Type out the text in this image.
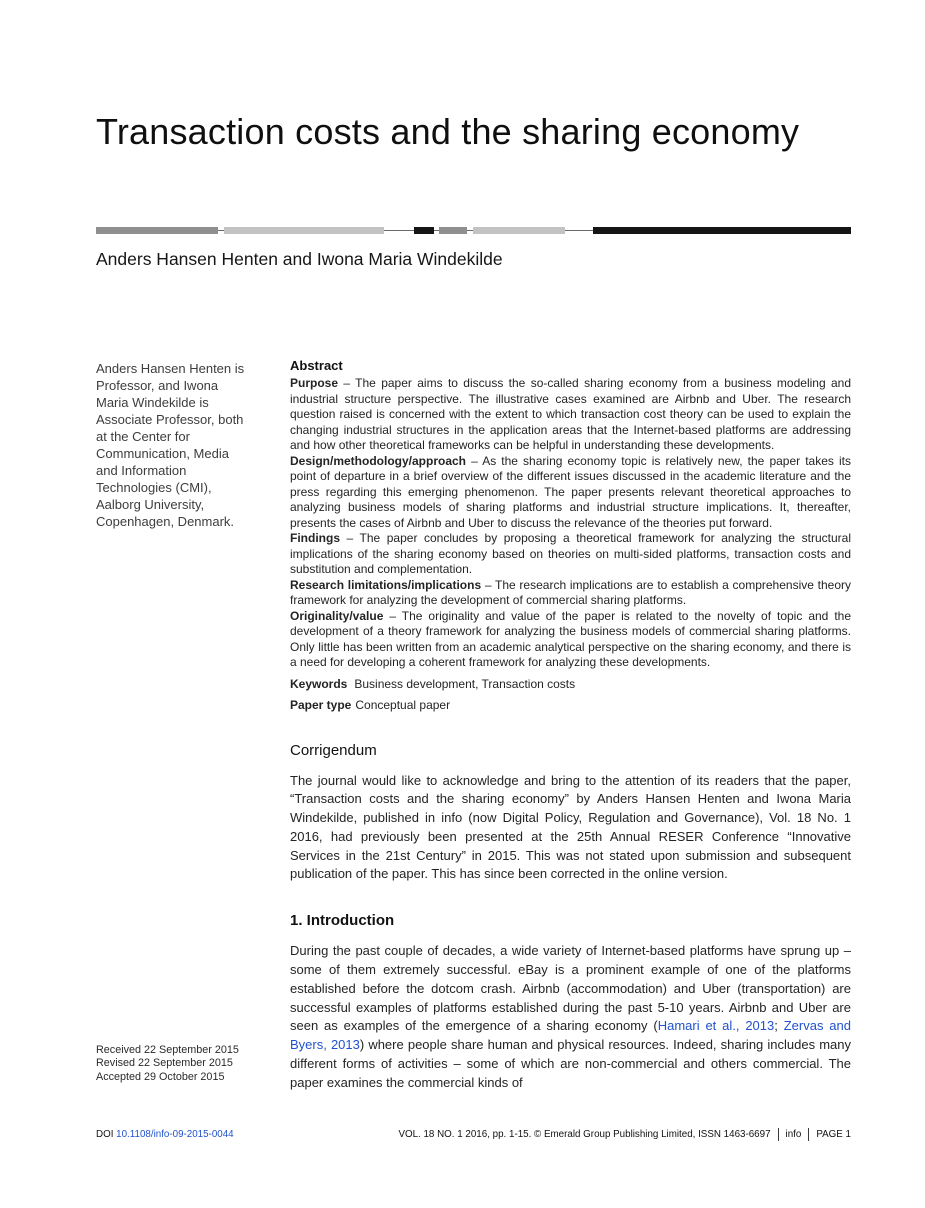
Transaction costs and the sharing economy
Anders Hansen Henten and Iwona Maria Windekilde

Anders Hansen Henten is Professor, and Iwona Maria Windekilde is Associate Professor, both at the Center for Communication, Media and Information Technologies (CMI), Aalborg University, Copenhagen, Denmark.

Abstract

Purpose – The paper aims to discuss the so-called sharing economy from a business modeling and industrial structure perspective. The illustrative cases examined are Airbnb and Uber. The research question raised is concerned with the extent to which transaction cost theory can be used to explain the changing industrial structures in the application areas that the Internet-based platforms are addressing and how other theoretical frameworks can be helpful in understanding these developments.

Design/methodology/approach – As the sharing economy topic is relatively new, the paper takes its point of departure in a brief overview of the different issues discussed in the academic literature and the press regarding this emerging phenomenon. The paper presents relevant theoretical approaches to analyzing business models of sharing platforms and industrial structure implications. It, thereafter, presents the cases of Airbnb and Uber to discuss the relevance of the theories put forward.

Findings – The paper concludes by proposing a theoretical framework for analyzing the structural implications of the sharing economy based on theories on multi-sided platforms, transaction costs and substitution and complementation.

Research limitations/implications – The research implications are to establish a comprehensive theory framework for analyzing the development of commercial sharing platforms.

Originality/value – The originality and value of the paper is related to the novelty of topic and the development of a theory framework for analyzing the business models of commercial sharing platforms. Only little has been written from an academic analytical perspective on the sharing economy, and there is a need for developing a coherent framework for analyzing these developments.

Keywords Business development, Transaction costs

Paper type Conceptual paper

Corrigendum

The journal would like to acknowledge and bring to the attention of its readers that the paper, “Transaction costs and the sharing economy” by Anders Hansen Henten and Iwona Maria Windekilde, published in info (now Digital Policy, Regulation and Governance), Vol. 18 No. 1 2016, had previously been presented at the 25th Annual RESER Conference “Innovative Services in the 21st Century” in 2015. This was not stated upon submission and subsequent publication of the paper. This has since been corrected in the online version.

1. Introduction

During the past couple of decades, a wide variety of Internet-based platforms have sprung up – some of them extremely successful. eBay is a prominent example of one of the platforms established before the dotcom crash. Airbnb (accommodation) and Uber (transportation) are successful examples of platforms established during the past 5-10 years. Airbnb and Uber are seen as examples of the emergence of a sharing economy (Hamari et al., 2013; Zervas and Byers, 2013) where people share human and physical resources. Indeed, sharing includes many different forms of activities – some of which are non-commercial and others commercial. The paper examines the commercial kinds of

Received 22 September 2015
Revised 22 September 2015
Accepted 29 October 2015
DOI 10.1108/info-09-2015-0044	VOL. 18 NO. 1 2016, pp. 1-15. © Emerald Group Publishing Limited, ISSN 1463-6697 info PAGE 1
